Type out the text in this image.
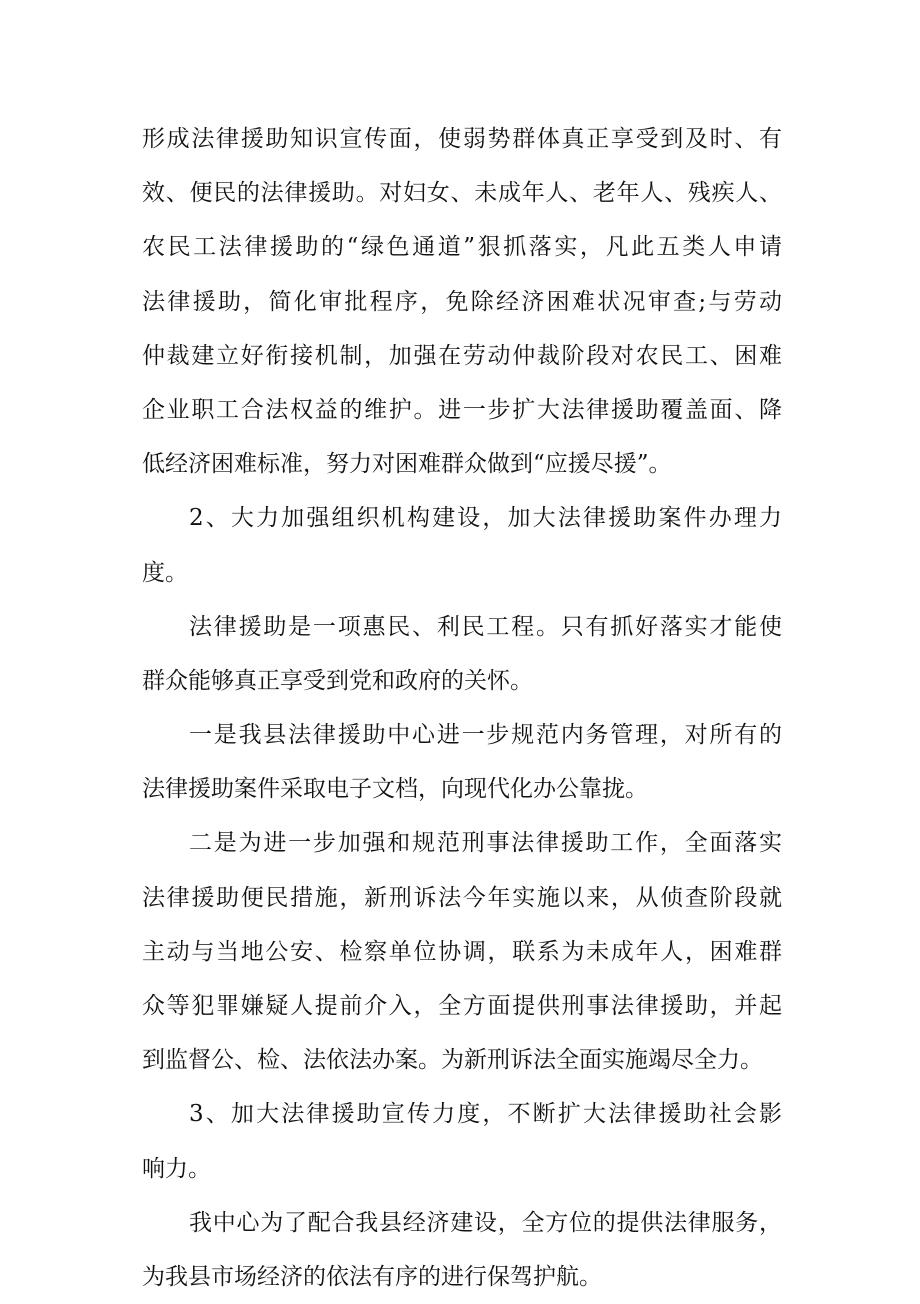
形成法律援助知识宣传面，使弱势群体真正享受到及时、有
效、便民的法律援助。对妇女、未成年人、老年人、残疾人、
农民工法律援助的“绿色通道”狠抓落实，凡此五类人申请
法律援助，简化审批程序，免除经济困难状况审查;与劳动
仲裁建立好衔接机制，加强在劳动仲裁阶段对农民工、困难
企业职工合法权益的维护。进一步扩大法律援助覆盖面、降
低经济困难标准，努力对困难群众做到“应援尽援”。
2、大力加强组织机构建设，加大法律援助案件办理力
度。
法律援助是一项惠民、利民工程。只有抓好落实才能使
群众能够真正享受到党和政府的关怀。
一是我县法律援助中心进一步规范内务管理，对所有的
法律援助案件采取电子文档，向现代化办公靠拢。
二是为进一步加强和规范刑事法律援助工作，全面落实
法律援助便民措施，新刑诉法今年实施以来，从侦查阶段就
主动与当地公安、检察单位协调，联系为未成年人，困难群
众等犯罪嫌疑人提前介入，全方面提供刑事法律援助，并起
到监督公、检、法依法办案。为新刑诉法全面实施竭尽全力。
3、加大法律援助宣传力度，不断扩大法律援助社会影
响力。
我中心为了配合我县经济建设，全方位的提供法律服务，
为我县市场经济的依法有序的进行保驾护航。
